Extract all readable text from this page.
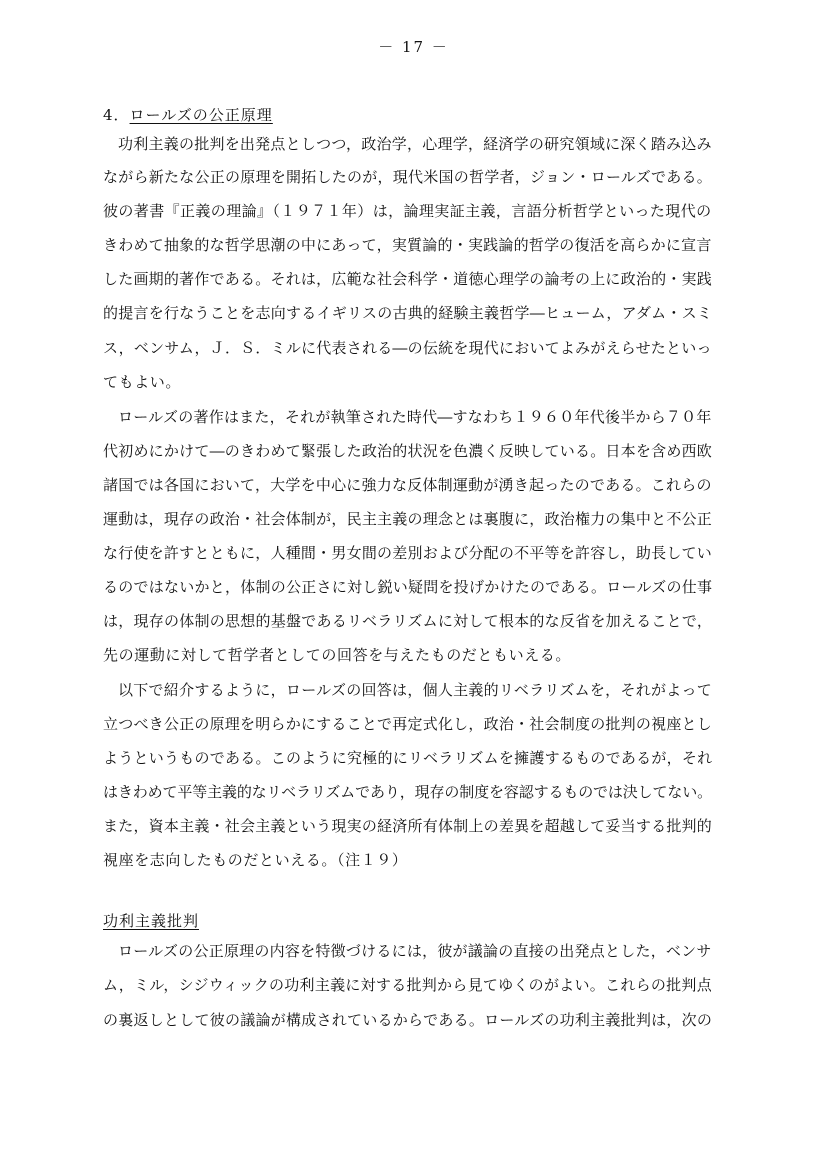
－ 17 －
4．ロールズの公正原理
功利主義の批判を出発点としつつ，政治学，心理学，経済学の研究領域に深く踏み込み
ながら新たな公正の原理を開拓したのが，現代米国の哲学者，ジョン・ロールズである。
彼の著書『正義の理論』（１９７１年）は，論理実証主義，言語分析哲学といった現代の
きわめて抽象的な哲学思潮の中にあって，実質論的・実践論的哲学の復活を高らかに宣言
した画期的著作である。それは，広範な社会科学・道徳心理学の論考の上に政治的・実践
的提言を行なうことを志向するイギリスの古典的経験主義哲学―ヒューム，アダム・スミ
ス，ベンサム，Ｊ．Ｓ．ミルに代表される―の伝統を現代においてよみがえらせたといっ
てもよい。
ロールズの著作はまた，それが執筆された時代―すなわち１９６０年代後半から７０年
代初めにかけて―のきわめて緊張した政治的状況を色濃く反映している。日本を含め西欧
諸国では各国において，大学を中心に強力な反体制運動が湧き起ったのである。これらの
運動は，現存の政治・社会体制が，民主主義の理念とは裏腹に，政治権力の集中と不公正
な行使を許すとともに，人種間・男女間の差別および分配の不平等を許容し，助長してい
るのではないかと，体制の公正さに対し鋭い疑問を投げかけたのである。ロールズの仕事
は，現存の体制の思想的基盤であるリベラリズムに対して根本的な反省を加えることで，
先の運動に対して哲学者としての回答を与えたものだともいえる。
以下で紹介するように，ロールズの回答は，個人主義的リベラリズムを，それがよって
立つべき公正の原理を明らかにすることで再定式化し，政治・社会制度の批判の視座とし
ようというものである。このように究極的にリベラリズムを擁護するものであるが，それ
はきわめて平等主義的なリベラリズムであり，現存の制度を容認するものでは決してない。
また，資本主義・社会主義という現実の経済所有体制上の差異を超越して妥当する批判的
視座を志向したものだといえる。（注１９）
功利主義批判
ロールズの公正原理の内容を特徴づけるには，彼が議論の直接の出発点とした，ベンサ
ム，ミル，シジウィックの功利主義に対する批判から見てゆくのがよい。これらの批判点
の裏返しとして彼の議論が構成されているからである。ロールズの功利主義批判は，次の
